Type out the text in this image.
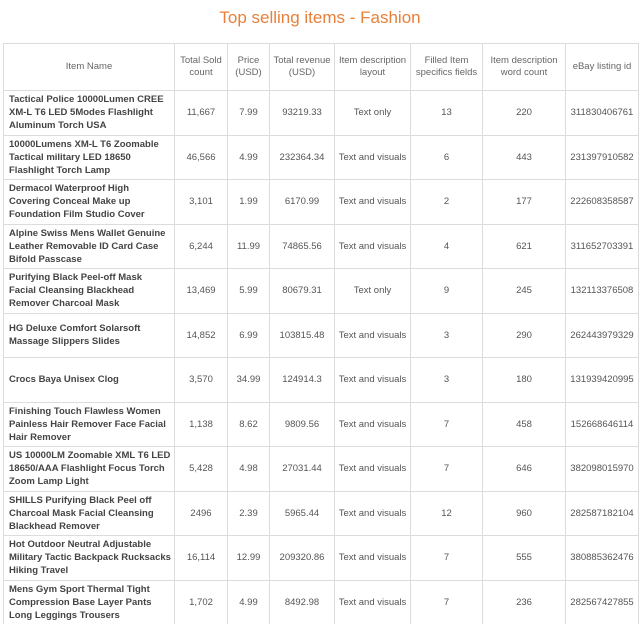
Top selling items - Fashion
Item Name	Total Sold count	Price (USD)	Total revenue (USD)	Item description layout	Filled Item specifics fields	Item description word count	eBay listing id
Tactical Police 10000Lumen CREE XM-L T6 LED 5Modes Flashlight Aluminum Torch USA	11,667	7.99	93219.33	Text only	13	220	311830406761
10000Lumens XM-L T6 Zoomable Tactical military LED 18650 Flashlight Torch Lamp	46,566	4.99	232364.34	Text and visuals	6	443	231397910582
Dermacol Waterproof High Covering Conceal Make up Foundation Film Studio Cover	3,101	1.99	6170.99	Text and visuals	2	177	222608358587
Alpine Swiss Mens Wallet Genuine Leather Removable ID Card Case Bifold Passcase	6,244	11.99	74865.56	Text and visuals	4	621	311652703391
Purifying Black Peel-off Mask Facial Cleansing Blackhead Remover Charcoal Mask	13,469	5.99	80679.31	Text only	9	245	132113376508
HG Deluxe Comfort Solarsoft Massage Slippers Slides	14,852	6.99	103815.48	Text and visuals	3	290	262443979329
Crocs Baya Unisex Clog	3,570	34.99	124914.3	Text and visuals	3	180	131939420995
Finishing Touch Flawless Women Painless Hair Remover Face Facial Hair Remover	1,138	8.62	9809.56	Text and visuals	7	458	152668646114
US 10000LM Zoomable XML T6 LED 18650/AAA Flashlight Focus Torch Zoom Lamp Light	5,428	4.98	27031.44	Text and visuals	7	646	382098015970
SHILLS Purifying Black Peel off Charcoal Mask Facial Cleansing Blackhead Remover	2496	2.39	5965.44	Text and visuals	12	960	282587182104
Hot Outdoor Neutral Adjustable Military Tactic Backpack Rucksacks Hiking Travel	16,114	12.99	209320.86	Text and visuals	7	555	380885362476
Mens Gym Sport Thermal Tight Compression Base Layer Pants Long Leggings Trousers	1,702	4.99	8492.98	Text and visuals	7	236	282567427855
